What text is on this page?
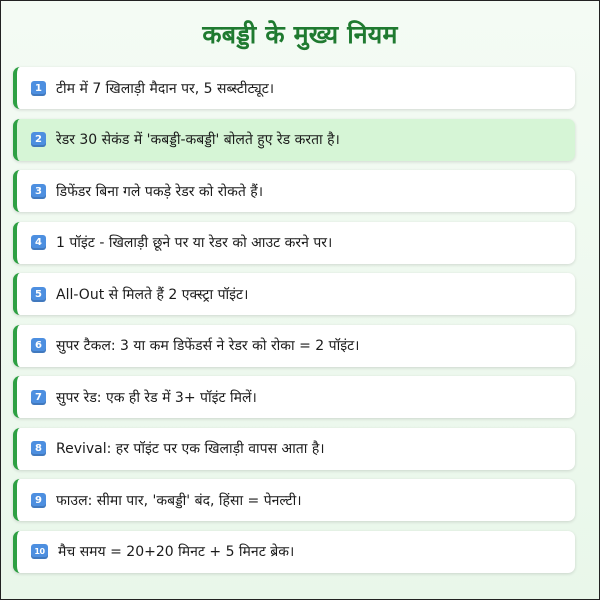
कबड्डी के मुख्य नियम
1 टीम में 7 खिलाड़ी मैदान पर, 5 सब्स्टीट्यूट।
2 रेडर 30 सेकंड में 'कबड्डी-कबड्डी' बोलते हुए रेड करता है।
3 डिफेंडर बिना गले पकड़े रेडर को रोकते हैं।
4 1 पॉइंट - खिलाड़ी छूने पर या रेडर को आउट करने पर।
5 All-Out से मिलते हैं 2 एक्स्ट्रा पॉइंट।
6 सुपर टैकल: 3 या कम डिफेंडर्स ने रेडर को रोका = 2 पॉइंट।
7 सुपर रेड: एक ही रेड में 3+ पॉइंट मिलें।
8 Revival: हर पॉइंट पर एक खिलाड़ी वापस आता है।
9 फाउल: सीमा पार, 'कबड्डी' बंद, हिंसा = पेनल्टी।
10 मैच समय = 20+20 मिनट + 5 मिनट ब्रेक।
